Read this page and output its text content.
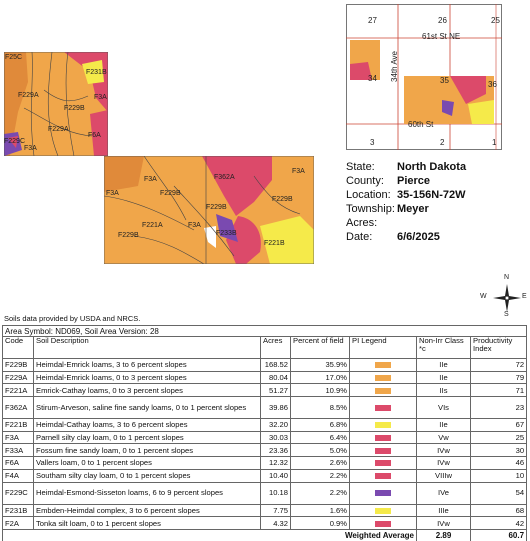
F25C
F231B
F229A
F229B
F3A
F229A
F6A
F229C
F3A
F3A	F229B
F362A
F229B
F3A
F3A
F221A
F229B
F3A
F221B
F233B
F229B
27	26	25
34	35	36
3	2	1
61st St NE
34th Ave
60th St
State:	North Dakota
County:	Pierce
Location: 35-156N-72W
Township: Meyer
Acres:
Date:	6/6/2025
Soils data provided by USDA and NRCS.
N
E
W
S
Area Symbol: ND069, Soil Area Version: 28						
Code	Soil Description	Acres	Percent of field	PI Legend	Non-Irr Class *c	Productivity Index
F229B	Heimdal-Emrick loams, 3 to 6 percent slopes	168.52	35.9%		IIe	72
F229A	Heimdal-Emrick loams, 0 to 3 percent slopes	80.04	17.0%		IIe	79
F221A	Emrick-Cathay loams, 0 to 3 percent slopes	51.27	10.9%		IIs	71
F362A	Stirum-Arveson, saline fine sandy loams, 0 to 1 percent slopes	39.86	8.5%		VIs	23
F221B	Heimdal-Cathay loams, 3 to 6 percent slopes	32.20	6.8%		IIe	67
F3A	Parnell silty clay loam, 0 to 1 percent slopes	30.03	6.4%		Vw	25
F33A	Fossum fine sandy loam, 0 to 1 percent slopes	23.36	5.0%		IVw	30
F6A	Vallers loam, 0 to 1 percent slopes	12.32	2.6%		IVw	46
F4A	Southam silty clay loam, 0 to 1 percent slopes	10.40	2.2%		VIIIw	10
F229C	Heimdal-Esmond-Sisseton loams, 6 to 9 percent slopes	10.18	2.2%		IVe	54
F231B	Embden-Heimdal complex, 3 to 6 percent slopes	7.75	1.6%		IIIe	68
F2A	Tonka silt loam, 0 to 1 percent slopes	4.32	0.9%		IVw	42
Weighted Average					2.89	60.7
